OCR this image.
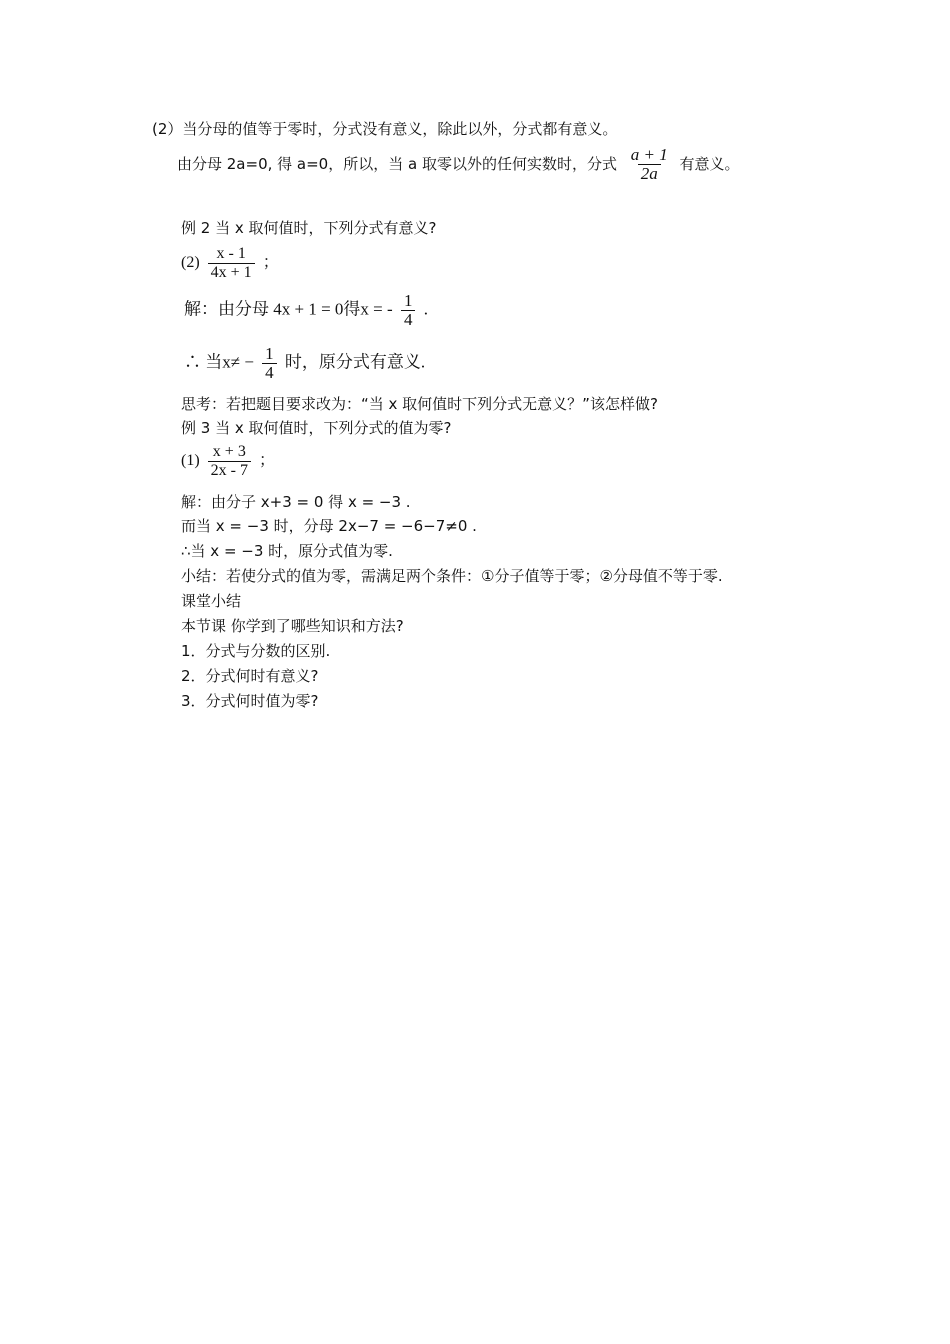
(2）当分母的值等于零时，分式没有意义，除此以外，分式都有意义。
由分母 2a=0, 得 a=0，所以，当 a 取零以外的任何实数时，分式 $\frac{a + 1}{2a}$ 有意义。
例 2 当 x 取何值时，下列分式有意义?
$(2) \frac{x - 1}{4x + 1}$ ；
解：由分母 4x + 1 = 0得x = - $\frac{1}{4}$ .
∴ 当$x\ne - \frac{1}{4}$ 时，原分式有意义.
思考：若把题目要求改为：“当 x 取何值时下列分式无意义？”该怎样做?
例 3 当 x 取何值时，下列分式的值为零?
$(1) \frac{x + 3}{2x - 7}$ ；
解：由分子 x+3 = 0 得 x = −3 .
而当 x = −3 时，分母 2x−7 = −6−7≠0 .
∴当 x = −3 时，原分式值为零.
小结：若使分式的值为零，需满足两个条件：①分子值等于零；②分母值不等于零.
课堂小结
本节课 你学到了哪些知识和方法?
1．分式与分数的区别.
2．分式何时有意义?
3．分式何时值为零?
